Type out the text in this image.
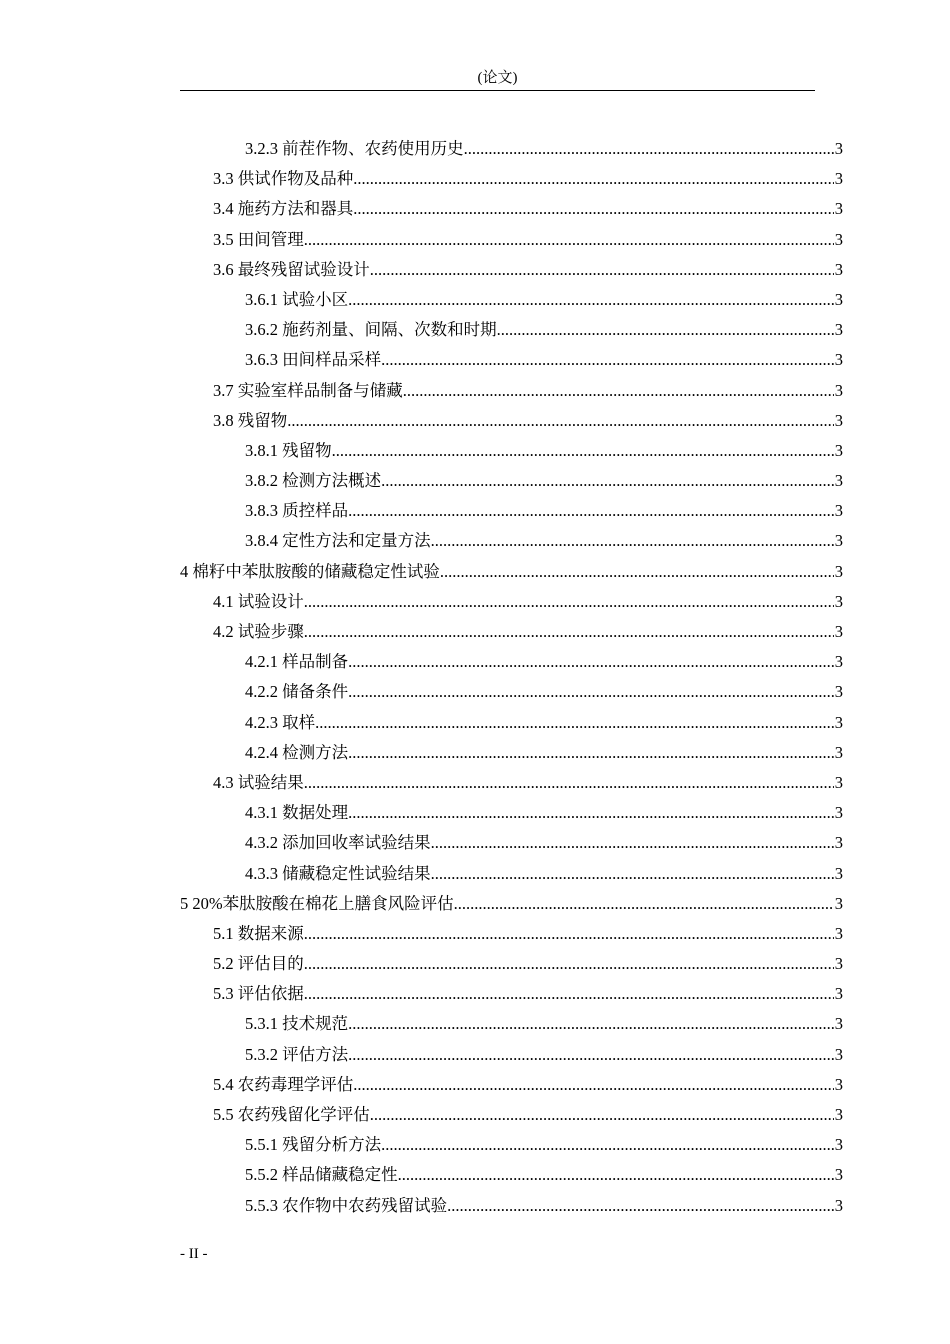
(论文)
3.2.3 前茬作物、农药使用历史 .....	3
3.3 供试作物及品种 .....	3
3.4 施药方法和器具 .....	3
3.5 田间管理 .....	3
3.6 最终残留试验设计 .....	3
3.6.1 试验小区 .....	3
3.6.2 施药剂量、间隔、次数和时期 .....	3
3.6.3 田间样品采样 .....	3
3.7 实验室样品制备与储藏 .....	3
3.8 残留物 .....	3
3.8.1 残留物 .....	3
3.8.2 检测方法概述 .....	3
3.8.3 质控样品 .....	3
3.8.4 定性方法和定量方法 .....	3
4 棉籽中苯肽胺酸的储藏稳定性试验 .....	3
4.1 试验设计 .....	3
4.2 试验步骤 .....	3
4.2.1 样品制备 .....	3
4.2.2 储备条件 .....	3
4.2.3 取样 .....	3
4.2.4 检测方法 .....	3
4.3 试验结果 .....	3
4.3.1 数据处理 .....	3
4.3.2 添加回收率试验结果 .....	3
4.3.3 储藏稳定性试验结果 .....	3
5 20%苯肽胺酸在棉花上膳食风险评估 .....	3
5.1 数据来源 .....	3
5.2 评估目的 .....	3
5.3 评估依据 .....	3
5.3.1 技术规范 .....	3
5.3.2 评估方法 .....	3
5.4 农药毒理学评估 .....	3
5.5 农药残留化学评估 .....	3
5.5.1 残留分析方法 .....	3
5.5.2 样品储藏稳定性 .....	3
5.5.3 农作物中农药残留试验 .....	3
- II -
